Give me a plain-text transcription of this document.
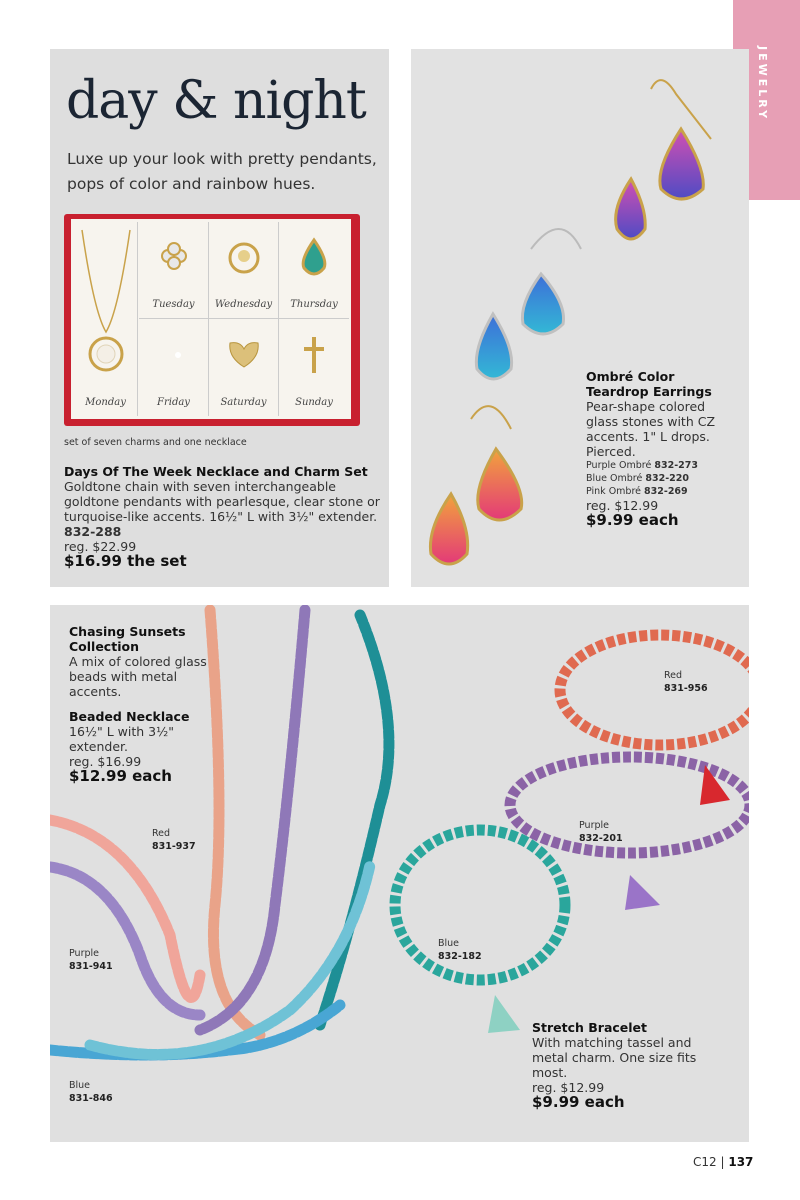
JEWELRY
day & night
Luxe up your look with pretty pendants, pops of color and rainbow hues.
Monday
Tuesday	Wednesday	Thursday
Friday	Saturday	Sunday
set of seven charms and one necklace
Days Of The Week Necklace and Charm Set
Goldtone chain with seven interchangeable goldtone pendants with pearlesque, clear stone or turquoise-like accents. 16½" L with 3½" extender.
832-288
reg. $22.99
$16.99 the set
Ombré Color Teardrop Earrings
Pear-shape colored glass stones with CZ accents. 1" L drops. Pierced.
Purple Ombré 832-273
Blue Ombré 832-220
Pink Ombré 832-269
reg. $12.99
$9.99 each
Chasing Sunsets Collection
A mix of colored glass beads with metal accents.
Beaded Necklace
16½" L with 3½" extender.
reg. $16.99
$12.99 each
Red
831-937
Purple
831-941
Blue
831-846
Red
831-956
Purple
832-201
Blue
832-182
Stretch Bracelet
With matching tassel and metal charm. One size fits most.
reg. $12.99
$9.99 each
C12 | 137
